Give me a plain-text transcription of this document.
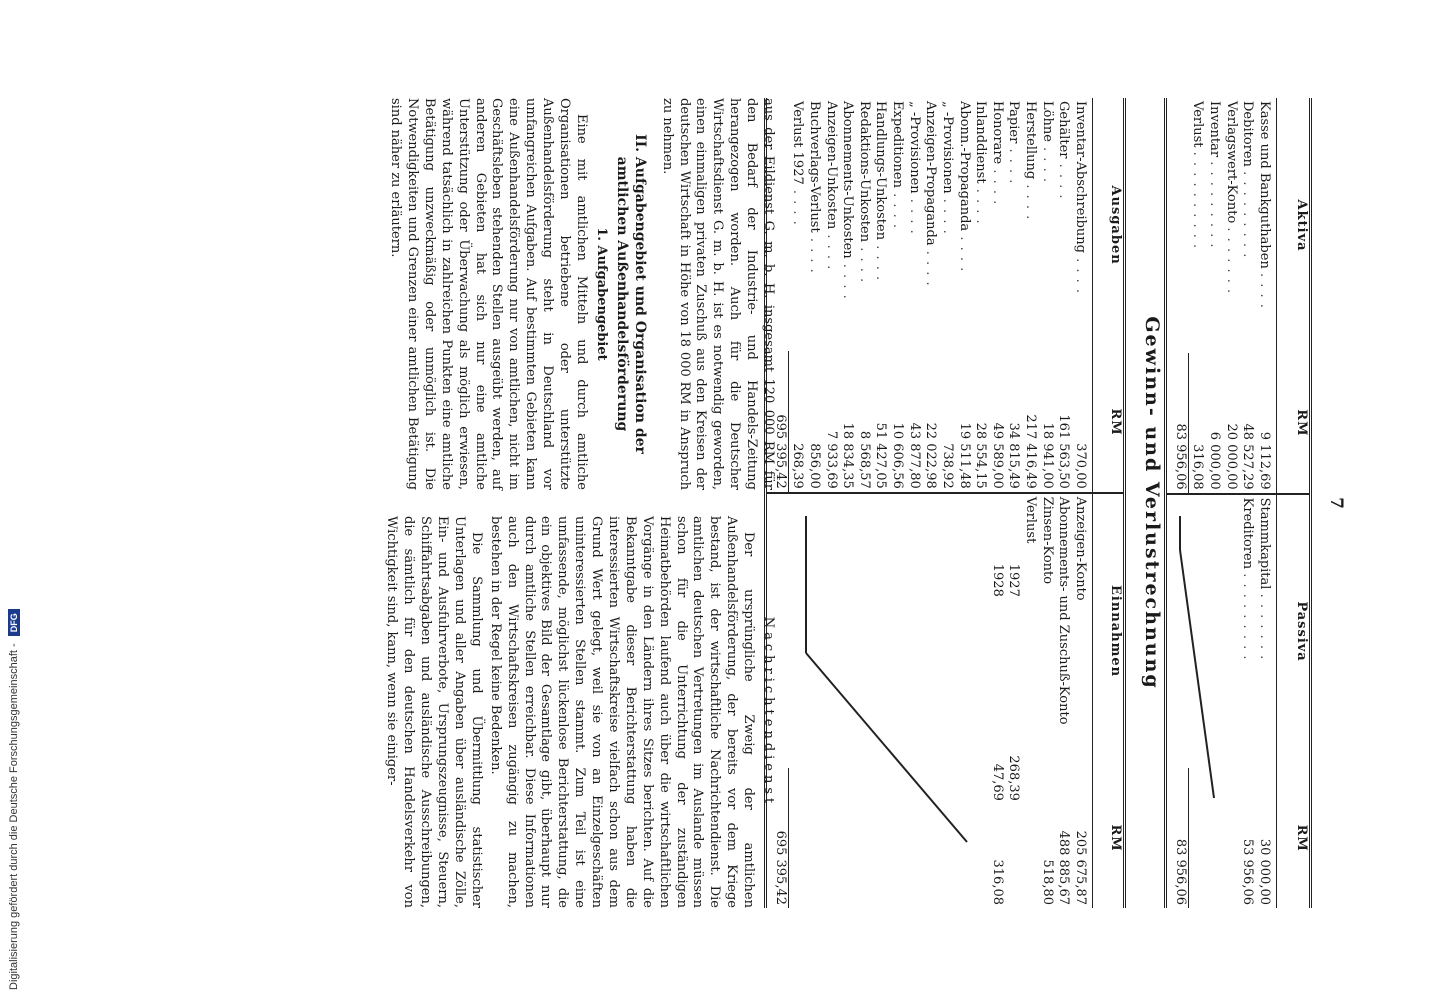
Digitalisierung gefördert durch die Deutsche Forschungsgemeinschaft - DFG
7
Aktiva	RM	Passiva	RM

Kasse und Bankguthaben . . . .	9 112,69	Stammkapital . . . . . . .	30 000,00
Debitoren . . . . . . . . .	48 527,29	Kreditoren . . . . . . . . .	53 956,06
Verlagswert-Konto . . . . . . .	20 000,00		
Inventar . . . . . . . . .	6 000,00		
Verlust . . . . . . . . . .	316,08		
	83 956,06		83 956,06

Gewinn- und Verlustrechnung
Ausgaben	RM	Einnahmen	RM

Inventar-Abschreibung . . . .	370,00
Gehälter . . . .	161 563,50
Löhne . . . .	18 941,00
Herstellung . . . .	217 416,49
Papier . . . .	34 815,49
Honorare . . . .	49 589,00
Inlanddienst . . . .	28 554,15
Abonn.-Propaganda . . . .	19 511,48
„ -Provisionen . . . .	738,92
Anzeigen-Propaganda . . . .	22 022,98
„ -Provisionen . . . .	43 877,80
Expeditionen . . . .	10 606,56
Handlungs-Unkosten . . . .	51 427,05
Redaktions-Unkosten . . . .	8 568,57
Abonnements-Unkosten . . . .	18 834,35
Anzeigen-Unkosten . . . .	7 933,69
Buchverlags-Verlust . . . .	856,00
Verlust 1927 . . . .	268,39

Anzeigen-Konto		205 675,87
Abonnements- und Zuschuß-Konto		488 885,67
Zinsen-Konto		518,80
Verlust		
1927	268,39	
1928	47,69	316,08

	695 395,42

	695 395,42

aus der Eildienst G. m. b. H. insgesamt 120 000 RM für den Bedarf der Industrie- und Handels-Zeitung herangezogen worden. Auch für die Deutscher Wirtschaftsdienst G. m. b. H. ist es notwendig geworden, einen einmaligen privaten Zuschuß aus den Kreisen der deutschen Wirtschaft in Höhe von 18 000 RM in Anspruch zu nehmen.

II. Aufgabengebiet und Organisation der amtlichen Außenhandelsförderung
1. Aufgabengebiet

Eine mit amtlichen Mitteln und durch amtliche Organisationen betriebene oder unterstützte Außenhandelsförderung steht in Deutschland vor umfangreichen Aufgaben. Auf bestimmten Gebieten kann eine Außenhandelsförderung nur von amtlichen, nicht im Geschäftsleben stehenden Stellen ausgeübt werden, auf anderen Gebieten hat sich nur eine amtliche Unterstützung oder Überwachung als möglich erwiesen, während tatsächlich in zahlreichen Punkten eine amtliche Betätigung unzweckmäßig oder unmöglich ist. Die Notwendigkeiten und Grenzen einer amtlichen Betätigung sind näher zu erläutern.

Nachrichtendienst

Der ursprüngliche Zweig der amtlichen Außenhandelsförderung, der bereits vor dem Kriege bestand, ist der wirtschaftliche Nachrichtendienst. Die amtlichen deutschen Vertretungen im Auslande müssen schon für die Unterrichtung der zuständigen Heimatbehörden laufend auch über die wirtschaftlichen Vorgänge in den Ländern ihres Sitzes berichten. Auf die Bekanntgabe dieser Berichterstattung haben die interessierten Wirtschaftskreise vielfach schon aus dem Grund Wert gelegt, weil sie von an Einzelgeschäften uninteressierten Stellen stammt. Zum Teil ist eine umfassende, möglichst lückenlose Berichterstattung, die ein objektives Bild der Gesamtlage gibt, überhaupt nur durch amtliche Stellen erreichbar. Diese Informationen auch den Wirtschaftskreisen zugängig zu machen, bestehen in der Regel keine Bedenken.

Die Sammlung und Übermittlung statistischer Unterlagen und aller Angaben über ausländische Zölle, Ein- und Ausfuhrverbote, Ursprungszeugnisse, Steuern, Schiffahrtsabgaben und ausländische Ausschreibungen, die sämtlich für den deutschen Handelsverkehr von Wichtigkeit sind, kann, wenn sie einiger-
